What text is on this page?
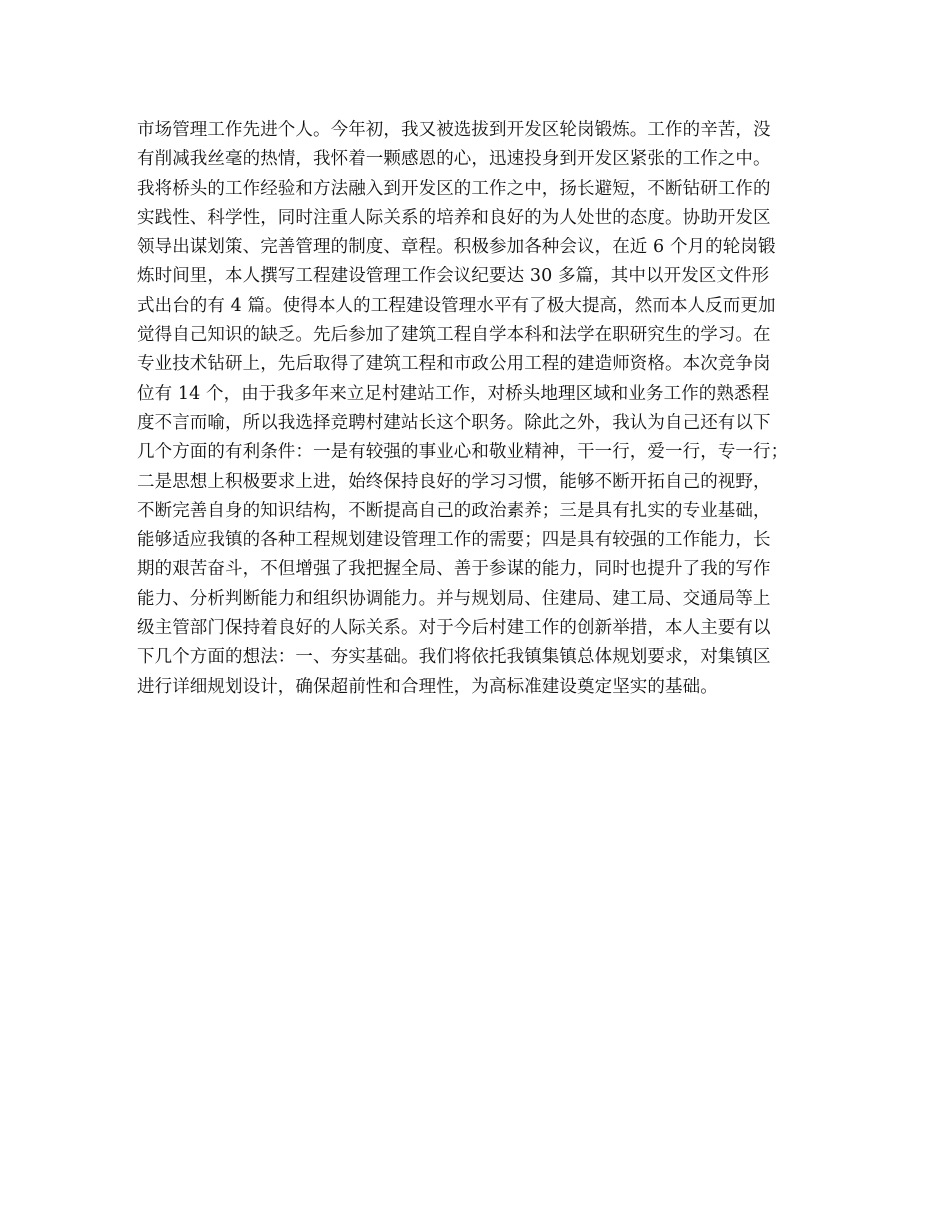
市场管理工作先进个人。今年初，我又被选拔到开发区轮岗锻炼。工作的辛苦，没
有削减我丝毫的热情，我怀着一颗感恩的心，迅速投身到开发区紧张的工作之中。
我将桥头的工作经验和方法融入到开发区的工作之中，扬长避短，不断钻研工作的
实践性、科学性，同时注重人际关系的培养和良好的为人处世的态度。协助开发区
领导出谋划策、完善管理的制度、章程。积极参加各种会议，在近 6 个月的轮岗锻
炼时间里，本人撰写工程建设管理工作会议纪要达 30 多篇，其中以开发区文件形
式出台的有 4 篇。使得本人的工程建设管理水平有了极大提高，然而本人反而更加
觉得自己知识的缺乏。先后参加了建筑工程自学本科和法学在职研究生的学习。在
专业技术钻研上，先后取得了建筑工程和市政公用工程的建造师资格。本次竞争岗
位有 14 个，由于我多年来立足村建站工作，对桥头地理区域和业务工作的熟悉程
度不言而喻，所以我选择竞聘村建站长这个职务。除此之外，我认为自己还有以下
几个方面的有利条件：一是有较强的事业心和敬业精神，干一行，爱一行，专一行；
二是思想上积极要求上进，始终保持良好的学习习惯，能够不断开拓自己的视野，
不断完善自身的知识结构，不断提高自己的政治素养；三是具有扎实的专业基础，
能够适应我镇的各种工程规划建设管理工作的需要；四是具有较强的工作能力，长
期的艰苦奋斗，不但增强了我把握全局、善于参谋的能力，同时也提升了我的写作
能力、分析判断能力和组织协调能力。并与规划局、住建局、建工局、交通局等上
级主管部门保持着良好的人际关系。对于今后村建工作的创新举措，本人主要有以
下几个方面的想法：一、夯实基础。我们将依托我镇集镇总体规划要求，对集镇区
进行详细规划设计，确保超前性和合理性，为高标准建设奠定坚实的基础。
